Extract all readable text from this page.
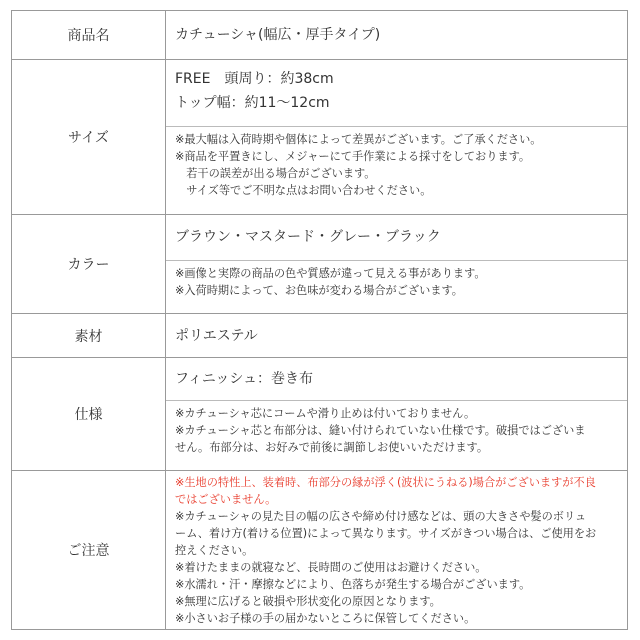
商品名	カチューシャ(幅広・厚手タイプ)
サイズ
FREE　頭周り：約38cm
トップ幅：約11〜12cm
※最大幅は入荷時期や個体によって差異がございます。ご了承ください。
※商品を平置きにし、メジャーにて手作業による採寸をしております。
　若干の誤差が出る場合がございます。
　サイズ等でご不明な点はお問い合わせください。
カラー
ブラウン・マスタード・グレー・ブラック
※画像と実際の商品の色や質感が違って見える事があります。
※入荷時期によって、お色味が変わる場合がございます。
素材	ポリエステル
仕様
フィニッシュ：巻き布
※カチューシャ芯にコームや滑り止めは付いておりません。
※カチューシャ芯と布部分は、縫い付けられていない仕様です。破損ではございま
せん。布部分は、お好みで前後に調節しお使いいただけます。
ご注意
※生地の特性上、装着時、布部分の縁が浮く(波状にうねる)場合がございますが不良
ではございません。
※カチューシャの見た目の幅の広さや締め付け感などは、頭の大きさや髪のボリュ
ーム、着け方(着ける位置)によって異なります。サイズがきつい場合は、ご使用をお
控えください。
※着けたままの就寝など、長時間のご使用はお避けください。
※水濡れ・汗・摩擦などにより、色落ちが発生する場合がございます。
※無理に広げると破損や形状変化の原因となります。
※小さいお子様の手の届かないところに保管してください。
